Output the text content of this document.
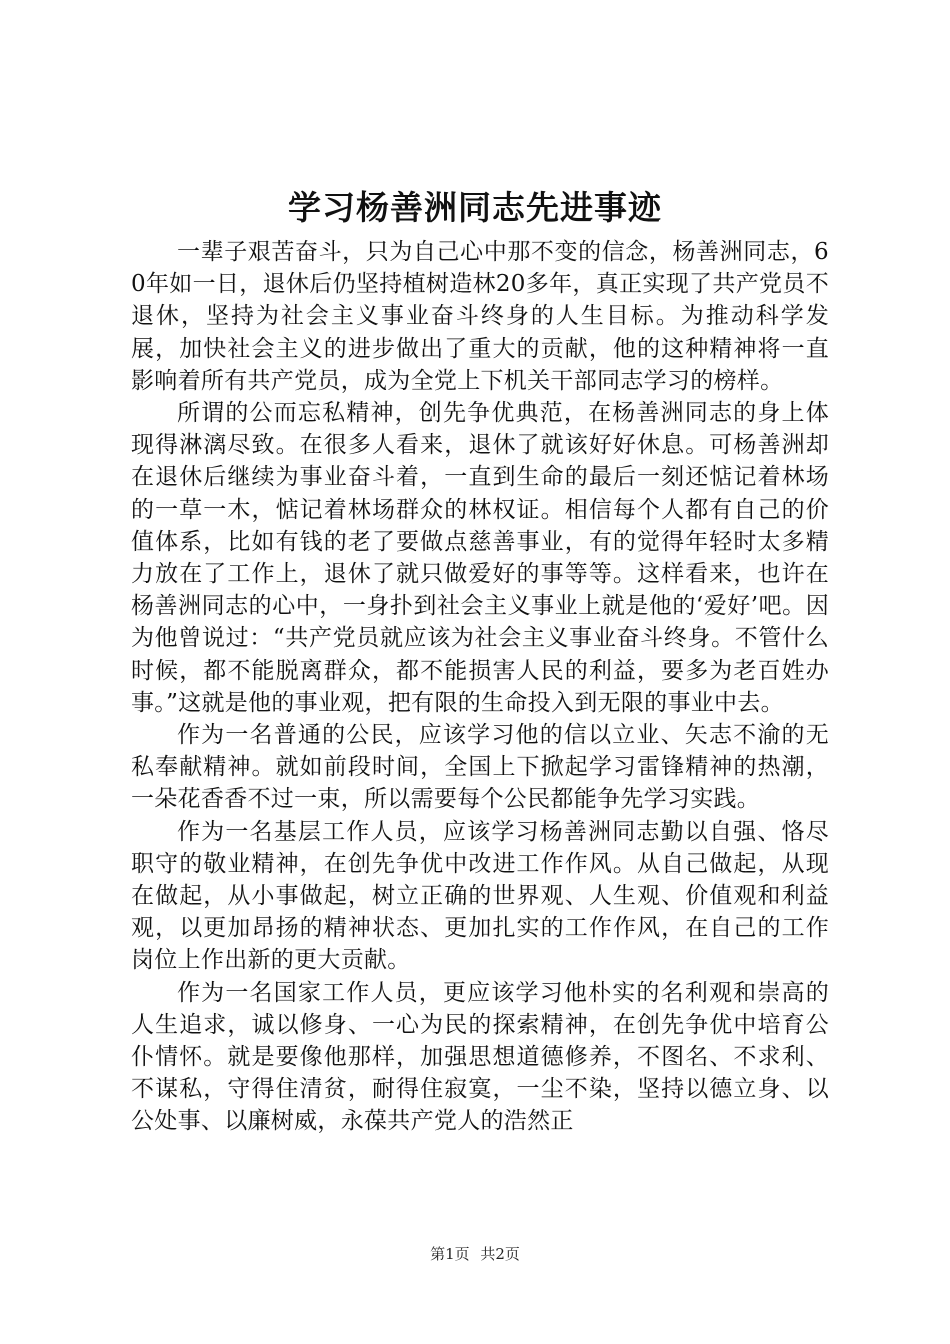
学习杨善洲同志先进事迹

一辈子艰苦奋斗，只为自己心中那不变的信念，杨善洲同志，60年如一日，退休后仍坚持植树造林20多年，真正实现了共产党员不退休，坚持为社会主义事业奋斗终身的人生目标。为推动科学发展，加快社会主义的进步做出了重大的贡献，他的这种精神将一直影响着所有共产党员，成为全党上下机关干部同志学习的榜样。

所谓的公而忘私精神，创先争优典范，在杨善洲同志的身上体现得淋漓尽致。在很多人看来，退休了就该好好休息。可杨善洲却在退休后继续为事业奋斗着，一直到生命的最后一刻还惦记着林场的一草一木，惦记着林场群众的林权证。相信每个人都有自己的价值体系，比如有钱的老了要做点慈善事业，有的觉得年轻时太多精力放在了工作上，退休了就只做爱好的事等等。这样看来，也许在杨善洲同志的心中，一身扑到社会主义事业上就是他的‘爱好’吧。因为他曾说过：“共产党员就应该为社会主义事业奋斗终身。不管什么时候，都不能脱离群众，都不能损害人民的利益，要多为老百姓办事。”这就是他的事业观，把有限的生命投入到无限的事业中去。

作为一名普通的公民，应该学习他的信以立业、矢志不渝的无私奉献精神。就如前段时间，全国上下掀起学习雷锋精神的热潮，一朵花香香不过一束，所以需要每个公民都能争先学习实践。

作为一名基层工作人员，应该学习杨善洲同志勤以自强、恪尽职守的敬业精神，在创先争优中改进工作作风。从自己做起，从现在做起，从小事做起，树立正确的世界观、人生观、价值观和利益观，以更加昂扬的精神状态、更加扎实的工作作风，在自己的工作岗位上作出新的更大贡献。

作为一名国家工作人员，更应该学习他朴实的名利观和崇高的人生追求，诚以修身、一心为民的探索精神，在创先争优中培育公仆情怀。就是要像他那样，加强思想道德修养，不图名、不求利、不谋私，守得住清贫，耐得住寂寞，一尘不染，坚持以德立身、以公处事、以廉树威，永葆共产党人的浩然正

第1页 共2页
